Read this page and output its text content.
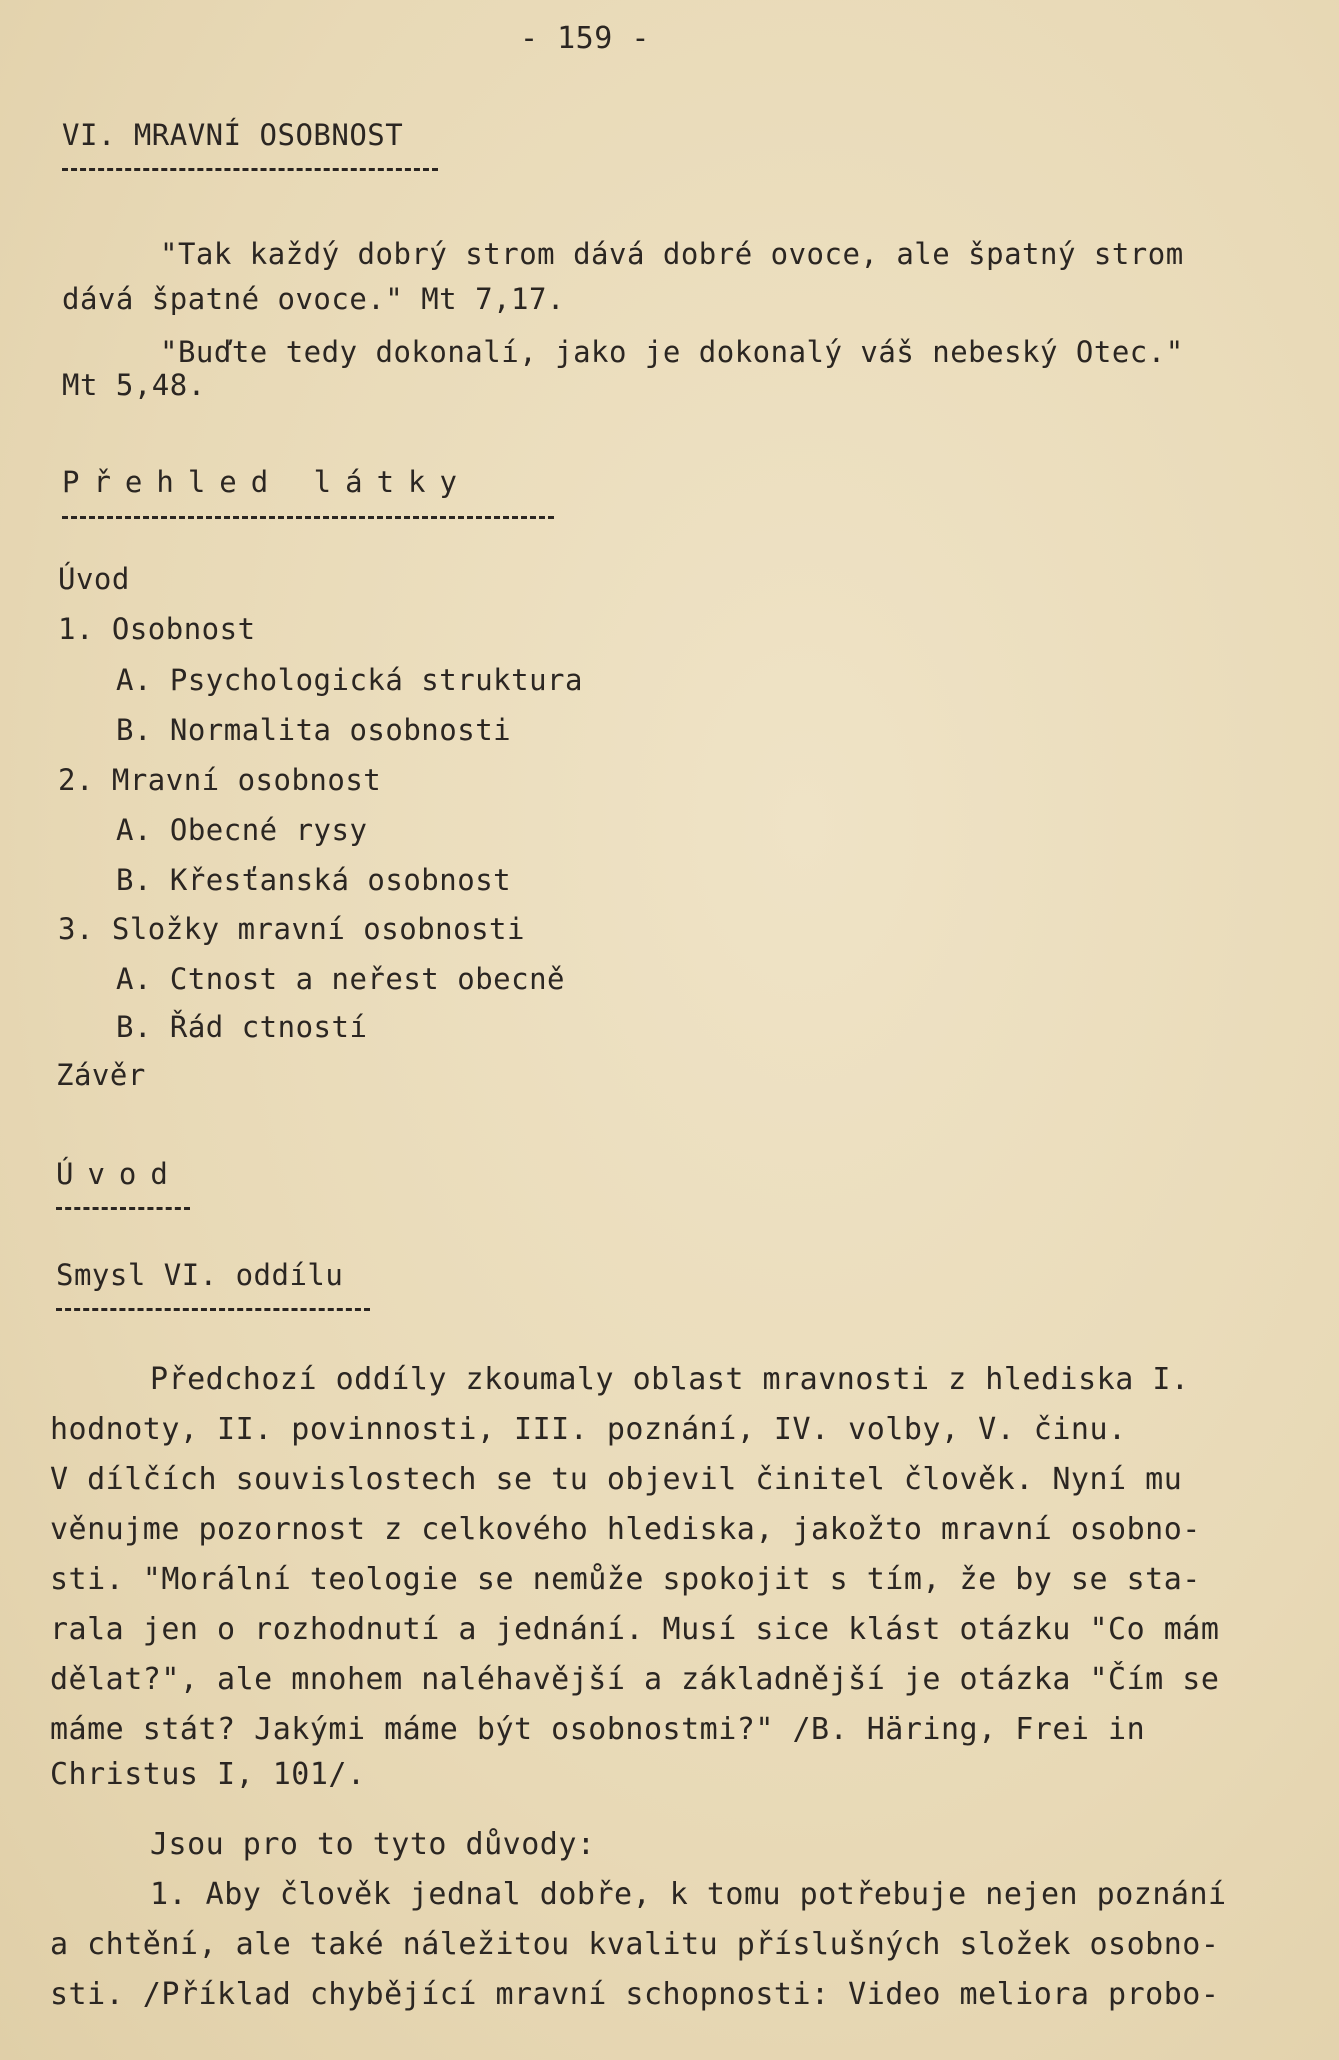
- 159 -
VI. MRAVNÍ OSOBNOST
"Tak každý dobrý strom dává dobré ovoce, ale špatný strom
dává špatné ovoce." Mt 7,17.
"Buďte tedy dokonalí, jako je dokonalý váš nebeský Otec."
Mt 5,48.
Přehled látky
Úvod
1. Osobnost
A. Psychologická struktura
B. Normalita osobnosti
2. Mravní osobnost
A. Obecné rysy
B. Křesťanská osobnost
3. Složky mravní osobnosti
A. Ctnost a neřest obecně
B. Řád ctností
Závěr
Úvod
Smysl VI. oddílu
Předchozí oddíly zkoumaly oblast mravnosti z hlediska I.
hodnoty, II. povinnosti, III. poznání, IV. volby, V. činu.
V dílčích souvislostech se tu objevil činitel člověk. Nyní mu
věnujme pozornost z celkového hlediska, jakožto mravní osobno-
sti. "Morální teologie se nemůže spokojit s tím, že by se sta-
rala jen o rozhodnutí a jednání. Musí sice klást otázku "Co mám
dělat?", ale mnohem naléhavější a základnější je otázka "Čím se
máme stát? Jakými máme být osobnostmi?" /B. Häring, Frei in
Christus I, 101/.
Jsou pro to tyto důvody:
1. Aby člověk jednal dobře, k tomu potřebuje nejen poznání
a chtění, ale také náležitou kvalitu příslušných složek osobno-
sti. /Příklad chybějící mravní schopnosti: Video meliora probo-
